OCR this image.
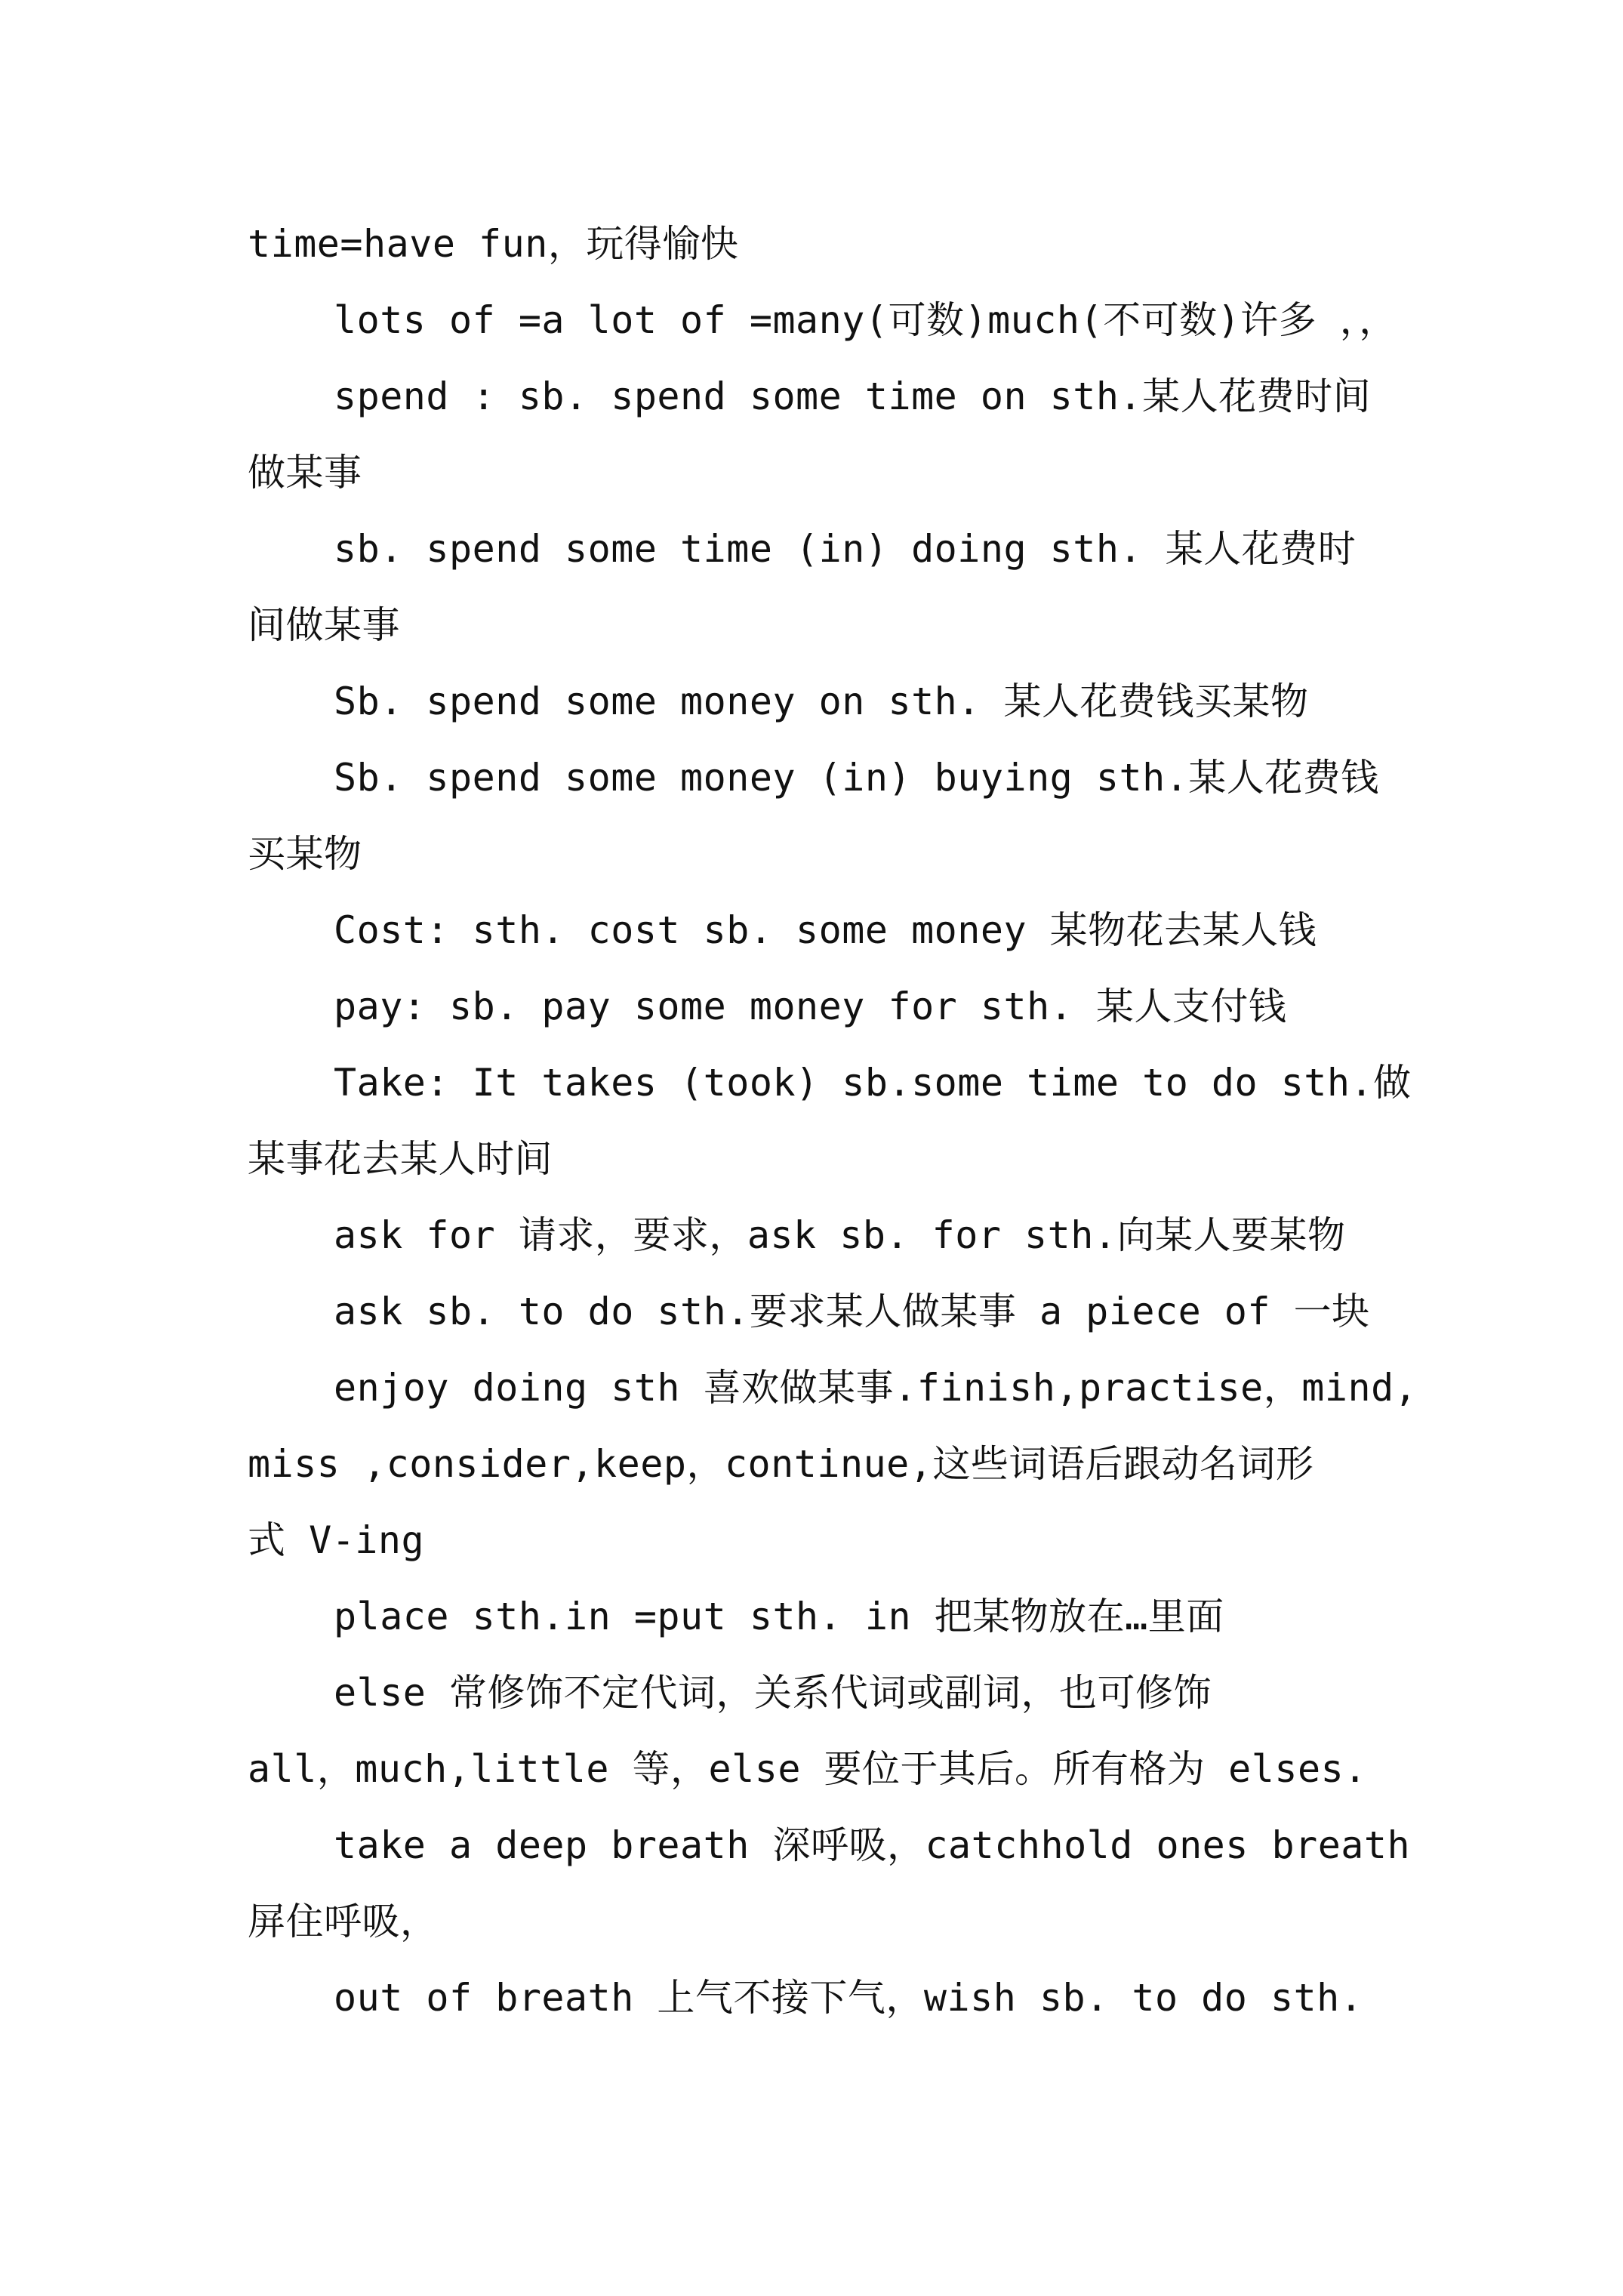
time=have fun，玩得愉快
lots of =a lot of =many(可数)much(不可数)许多 ，，
spend : sb. spend some time on sth.某人花费时间
做某事
sb. spend some time (in) doing sth. 某人花费时
间做某事
Sb. spend some money on sth. 某人花费钱买某物
Sb. spend some money (in) buying sth.某人花费钱
买某物
Cost: sth. cost sb. some money 某物花去某人钱
pay: sb. pay some money for sth. 某人支付钱
Take: It takes (took) sb.some time to do sth.做
某事花去某人时间
ask for 请求，要求，ask sb. for sth.向某人要某物
ask sb. to do sth.要求某人做某事 a piece of 一块
enjoy doing sth 喜欢做某事.finish,practise，mind,
miss ,consider,keep，continue,这些词语后跟动名词形
式 V-ing
place sth.in =put sth. in 把某物放在…里面
else 常修饰不定代词，关系代词或副词，也可修饰
all，much,little 等，else 要位于其后。所有格为 elses.
take a deep breath 深呼吸，catchhold ones breath
屏住呼吸，
out of breath 上气不接下气，wish sb. to do sth.
